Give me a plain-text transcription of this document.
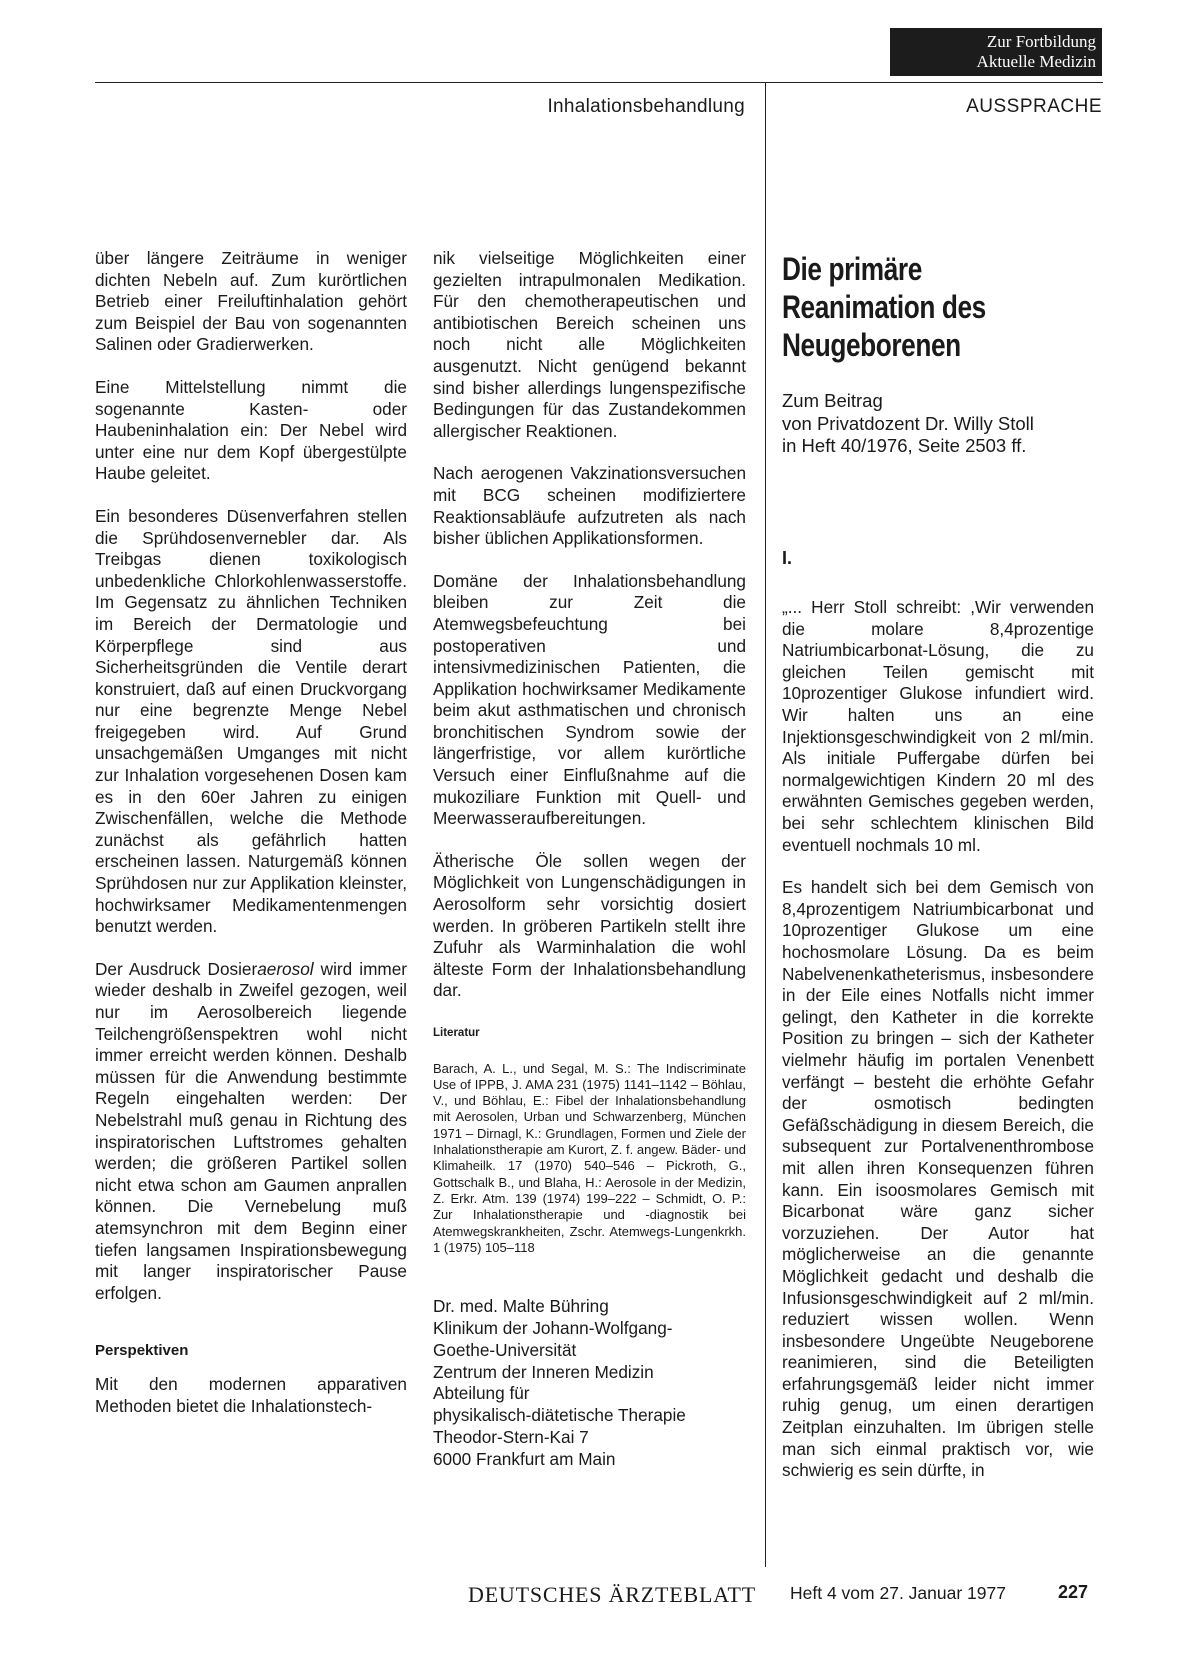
Zur Fortbildung
Aktuelle Medizin
Inhalationsbehandlung	AUSSPRACHE

über längere Zeiträume in weniger dichten Nebeln auf. Zum kurörtlichen Betrieb einer Freiluftinhalation gehört zum Beispiel der Bau von sogenannten Salinen oder Gradierwerken.

Eine Mittelstellung nimmt die sogenannte Kasten- oder Haubeninhalation ein: Der Nebel wird unter eine nur dem Kopf übergestülpte Haube geleitet.

Ein besonderes Düsenverfahren stellen die Sprühdosenvernebler dar. Als Treibgas dienen toxikologisch unbedenkliche Chlorkohlenwasserstoffe. Im Gegensatz zu ähnlichen Techniken im Bereich der Dermatologie und Körperpflege sind aus Sicherheitsgründen die Ventile derart konstruiert, daß auf einen Druckvorgang nur eine begrenzte Menge Nebel freigegeben wird. Auf Grund unsachgemäßen Umganges mit nicht zur Inhalation vorgesehenen Dosen kam es in den 60er Jahren zu einigen Zwischenfällen, welche die Methode zunächst als gefährlich hatten erscheinen lassen. Naturgemäß können Sprühdosen nur zur Applikation kleinster, hochwirksamer Medikamentenmengen benutzt werden.

Der Ausdruck Dosieraerosol wird immer wieder deshalb in Zweifel gezogen, weil nur im Aerosolbereich liegende Teilchengrößenspektren wohl nicht immer erreicht werden können. Deshalb müssen für die Anwendung bestimmte Regeln eingehalten werden: Der Nebelstrahl muß genau in Richtung des inspiratorischen Luftstromes gehalten werden; die größeren Partikel sollen nicht etwa schon am Gaumen anprallen können. Die Vernebelung muß atemsynchron mit dem Beginn einer tiefen langsamen Inspirationsbewegung mit langer inspiratorischer Pause erfolgen.

Perspektiven

Mit den modernen apparativen Methoden bietet die Inhalationstech-

nik vielseitige Möglichkeiten einer gezielten intrapulmonalen Medikation. Für den chemotherapeutischen und antibiotischen Bereich scheinen uns noch nicht alle Möglichkeiten ausgenutzt. Nicht genügend bekannt sind bisher allerdings lungenspezifische Bedingungen für das Zustandekommen allergischer Reaktionen.

Nach aerogenen Vakzinationsversuchen mit BCG scheinen modifiziertere Reaktionsabläufe aufzutreten als nach bisher üblichen Applikationsformen.

Domäne der Inhalationsbehandlung bleiben zur Zeit die Atemwegsbefeuchtung bei postoperativen und intensivmedizinischen Patienten, die Applikation hochwirksamer Medikamente beim akut asthmatischen und chronisch bronchitischen Syndrom sowie der längerfristige, vor allem kurörtliche Versuch einer Einflußnahme auf die mukoziliare Funktion mit Quell- und Meerwasseraufbereitungen.

Ätherische Öle sollen wegen der Möglichkeit von Lungenschädigungen in Aerosolform sehr vorsichtig dosiert werden. In gröberen Partikeln stellt ihre Zufuhr als Warminhalation die wohl älteste Form der Inhalationsbehandlung dar.

Literatur
Barach, A. L., und Segal, M. S.: The Indiscriminate Use of IPPB, J. AMA 231 (1975) 1141–1142 – Böhlau, V., und Böhlau, E.: Fibel der Inhalationsbehandlung mit Aerosolen, Urban und Schwarzenberg, München 1971 – Dirnagl, K.: Grundlagen, Formen und Ziele der Inhalationstherapie am Kurort, Z. f. angew. Bäder- und Klimaheilk. 17 (1970) 540–546 – Pickroth, G., Gottschalk B., und Blaha, H.: Aerosole in der Medizin, Z. Erkr. Atm. 139 (1974) 199–222 – Schmidt, O. P.: Zur Inhalationstherapie und -diagnostik bei Atemwegskrankheiten, Zschr. Atemwegs-Lungenkrkh. 1 (1975) 105–118
Dr. med. Malte Bühring
Klinikum der Johann-Wolfgang-
Goethe-Universität
Zentrum der Inneren Medizin
Abteilung für
physikalisch-diätetische Therapie
Theodor-Stern-Kai 7
6000 Frankfurt am Main
Die primäre
Reanimation des
Neugeborenen
Zum Beitrag
von Privatdozent Dr. Willy Stoll
in Heft 40/1976, Seite 2503 ff.
I.

„... Herr Stoll schreibt: ,Wir verwenden die molare 8,4prozentige Natriumbicarbonat-Lösung, die zu gleichen Teilen gemischt mit 10prozentiger Glukose infundiert wird. Wir halten uns an eine Injektionsgeschwindigkeit von 2 ml/min. Als initiale Puffergabe dürfen bei normalgewichtigen Kindern 20 ml des erwähnten Gemisches gegeben werden, bei sehr schlechtem klinischen Bild eventuell nochmals 10 ml.

Es handelt sich bei dem Gemisch von 8,4prozentigem Natriumbicarbonat und 10prozentiger Glukose um eine hochosmolare Lösung. Da es beim Nabelvenenkatheterismus, insbesondere in der Eile eines Notfalls nicht immer gelingt, den Katheter in die korrekte Position zu bringen – sich der Katheter vielmehr häufig im portalen Venenbett verfängt – besteht die erhöhte Gefahr der osmotisch bedingten Gefäßschädigung in diesem Bereich, die subsequent zur Portalvenenthrombose mit allen ihren Konsequenzen führen kann. Ein isoosmolares Gemisch mit Bicarbonat wäre ganz sicher vorzuziehen. Der Autor hat möglicherweise an die genannte Möglichkeit gedacht und deshalb die Infusionsgeschwindigkeit auf 2 ml/min. reduziert wissen wollen. Wenn insbesondere Ungeübte Neugeborene reanimieren, sind die Beteiligten erfahrungsgemäß leider nicht immer ruhig genug, um einen derartigen Zeitplan einzuhalten. Im übrigen stelle man sich einmal praktisch vor, wie schwierig es sein dürfte, in

DEUTSCHES ÄRZTEBLATT Heft 4 vom 27. Januar 1977	227
